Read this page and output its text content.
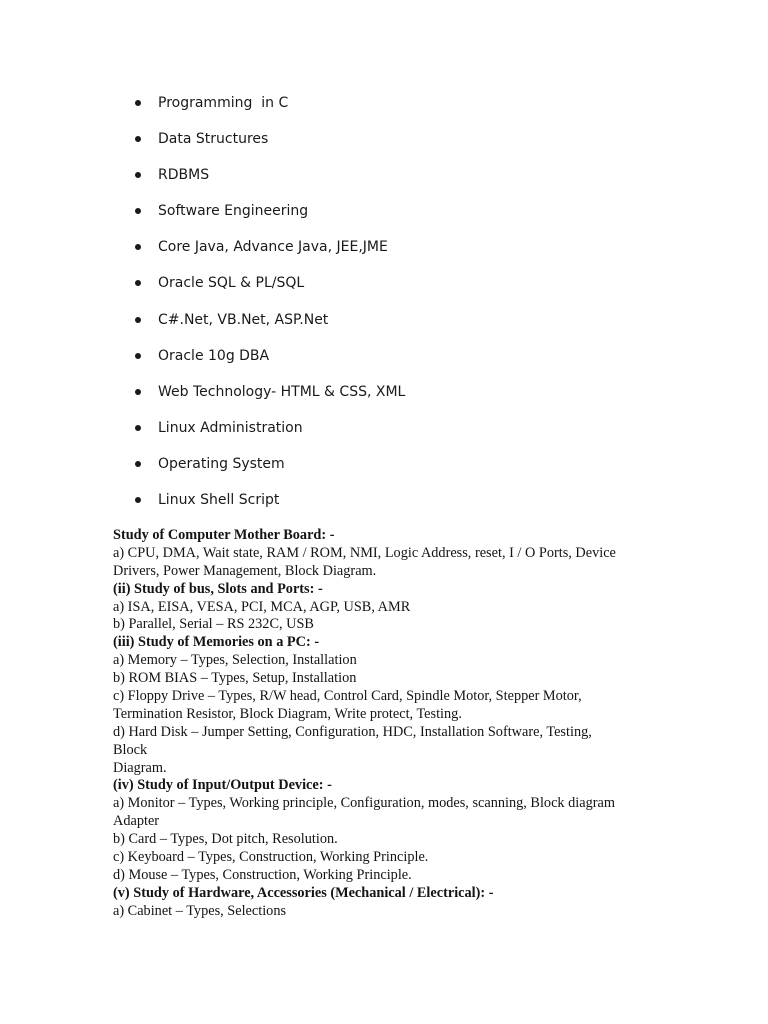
Programming  in C
Data Structures
RDBMS
Software Engineering
Core Java, Advance Java, JEE,JME
Oracle SQL & PL/SQL
C#.Net, VB.Net, ASP.Net
Oracle 10g DBA
Web Technology- HTML & CSS, XML
Linux Administration
Operating System
Linux Shell Script
Study of Computer Mother Board: -
a) CPU, DMA, Wait state, RAM / ROM, NMI, Logic Address, reset, I / O Ports, Device
Drivers, Power Management, Block Diagram.
(ii) Study of bus, Slots and Ports: -
a) ISA, EISA, VESA, PCI, MCA, AGP, USB, AMR
b) Parallel, Serial – RS 232C, USB
(iii) Study of Memories on a PC: -
a) Memory – Types, Selection, Installation
b) ROM BIAS – Types, Setup, Installation
c) Floppy Drive – Types, R/W head, Control Card, Spindle Motor, Stepper Motor,
Termination Resistor, Block Diagram, Write protect, Testing.
d) Hard Disk – Jumper Setting, Configuration, HDC, Installation Software, Testing,
Block
Diagram.
(iv) Study of Input/Output Device: -
a) Monitor – Types, Working principle, Configuration, modes, scanning, Block diagram
Adapter
b) Card – Types, Dot pitch, Resolution.
c) Keyboard – Types, Construction, Working Principle.
d) Mouse – Types, Construction, Working Principle.
(v) Study of Hardware, Accessories (Mechanical / Electrical): -
a) Cabinet – Types, Selections
